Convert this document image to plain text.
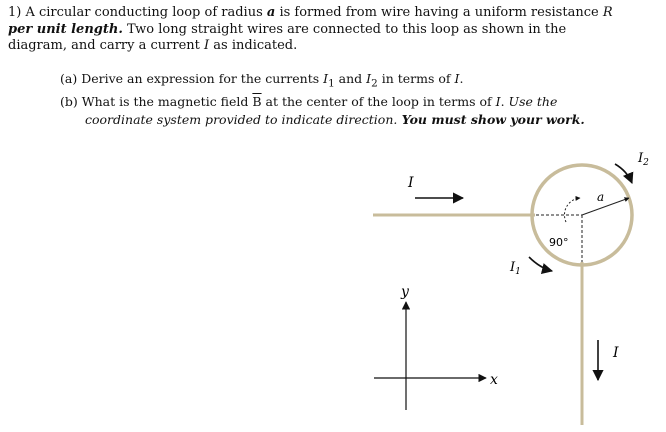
1) A circular conducting loop of radius a is formed from wire having a uniform resistance R

per unit length. Two long straight wires are connected to this loop as shown in the

diagram, and carry a current I as indicated.

(a) Derive an expression for the currents $I_1$ and $I_2$ in terms of I.

(b) What is the magnetic field $\overline{B}$ at the center of the loop in terms of I. Use the

coordinate system provided to indicate direction. You must show your work.

90°
a
I
$I_1$
$I_2$
I
x
y
